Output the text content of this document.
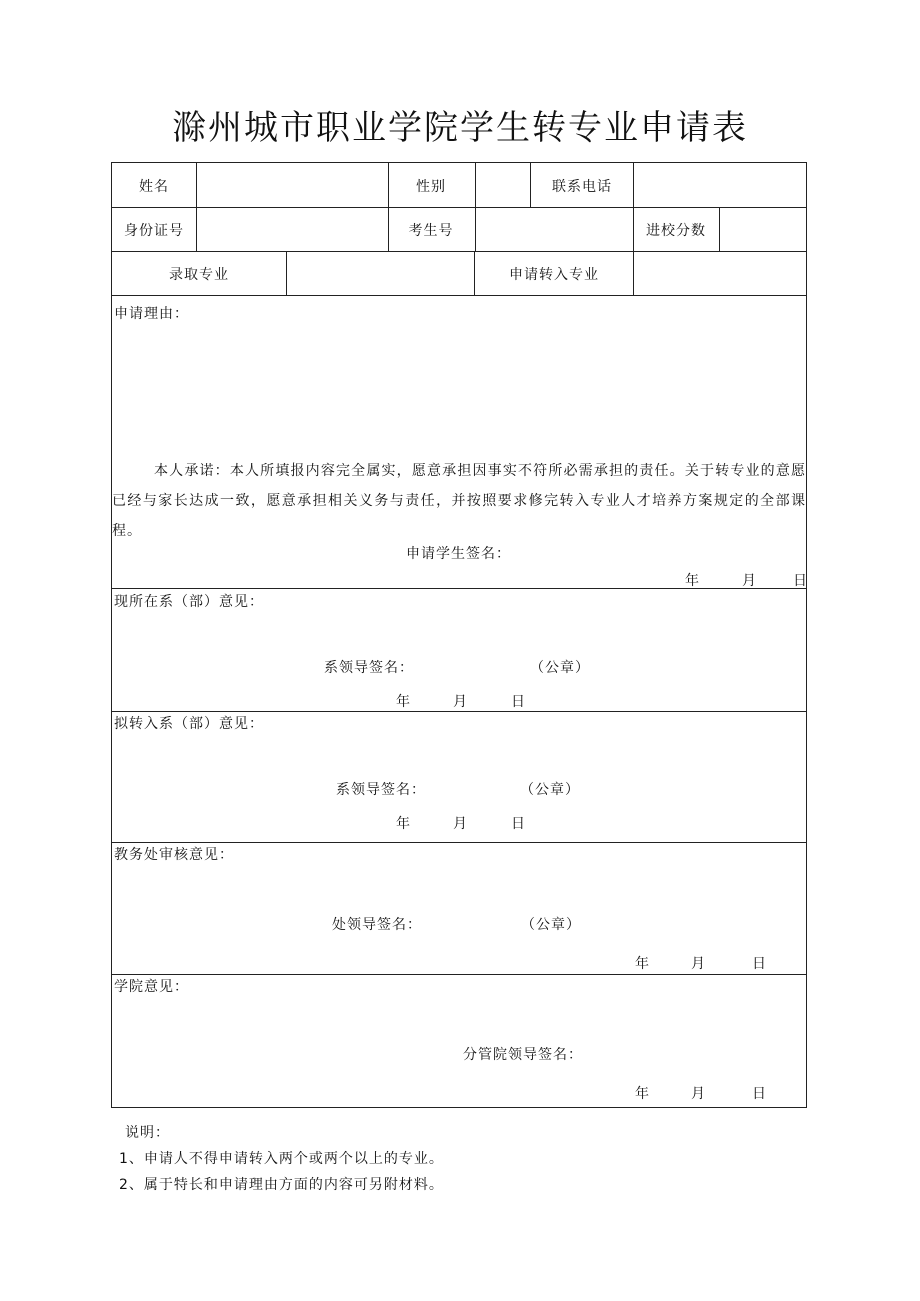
滁州城市职业学院学生转专业申请表
姓名	性别	联系电话
身份证号	考生号	进校分数
录取专业	申请转入专业
申请理由：
本人承诺：本人所填报内容完全属实，愿意承担因事实不符所必需承担的责任。关于转专业的意愿已经与家长达成一致，愿意承担相关义务与责任，并按照要求修完转入专业人才培养方案规定的全部课程。
申请学生签名：
年	月	日
现所在系（部）意见：
系领导签名：	（公章）
年	月	日
拟转入系（部）意见：
系领导签名：	（公章）
年	月	日
教务处审核意见：
处领导签名：	（公章）
年	月	日
学院意见：
分管院领导签名：
年	月	日
说明：
1、申请人不得申请转入两个或两个以上的专业。
2、属于特长和申请理由方面的内容可另附材料。
